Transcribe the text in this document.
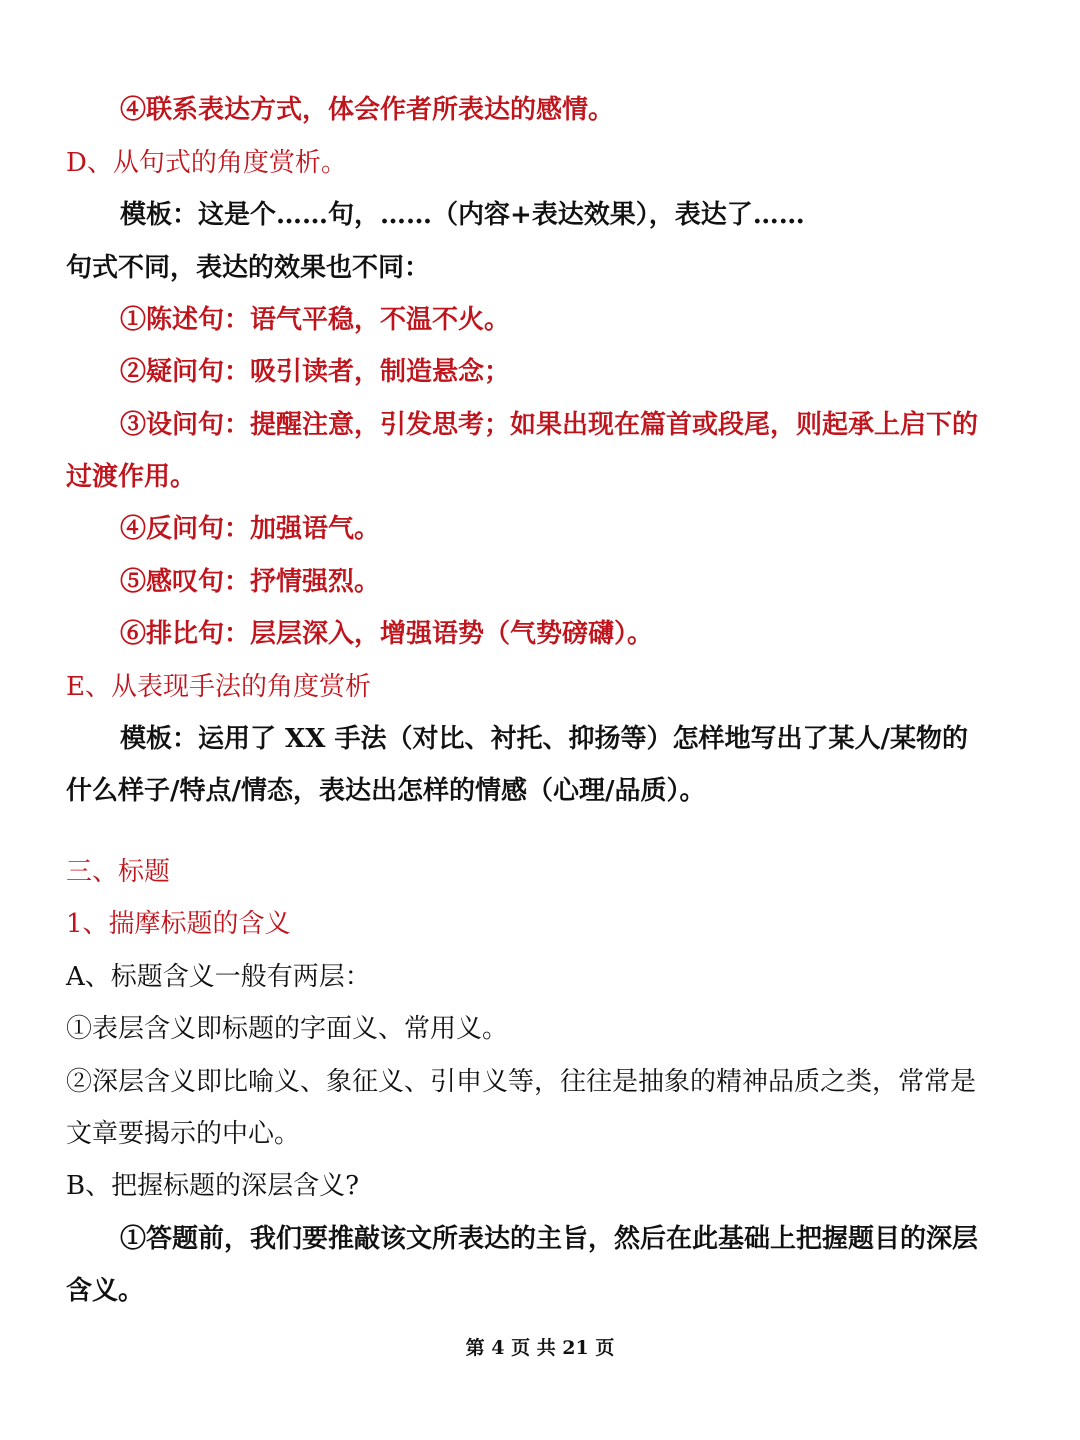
④联系表达方式，体会作者所表达的感情。
D、从句式的角度赏析。
模板：这是个……句，……（内容+表达效果），表达了……
句式不同，表达的效果也不同：
①陈述句：语气平稳，不温不火。
②疑问句：吸引读者，制造悬念；
③设问句：提醒注意，引发思考；如果出现在篇首或段尾，则起承上启下的
过渡作用。
④反问句：加强语气。
⑤感叹句：抒情强烈。
⑥排比句：层层深入，增强语势（气势磅礴）。
E、从表现手法的角度赏析
模板：运用了 XX 手法（对比、衬托、抑扬等）怎样地写出了某人/某物的
什么样子/特点/情态，表达出怎样的情感（心理/品质）。
三、标题
1、揣摩标题的含义
A、标题含义一般有两层：
①表层含义即标题的字面义、常用义。
②深层含义即比喻义、象征义、引申义等，往往是抽象的精神品质之类，常常是
文章要揭示的中心。
B、把握标题的深层含义?
①答题前，我们要推敲该文所表达的主旨，然后在此基础上把握题目的深层
含义。
第 4 页 共 21 页
